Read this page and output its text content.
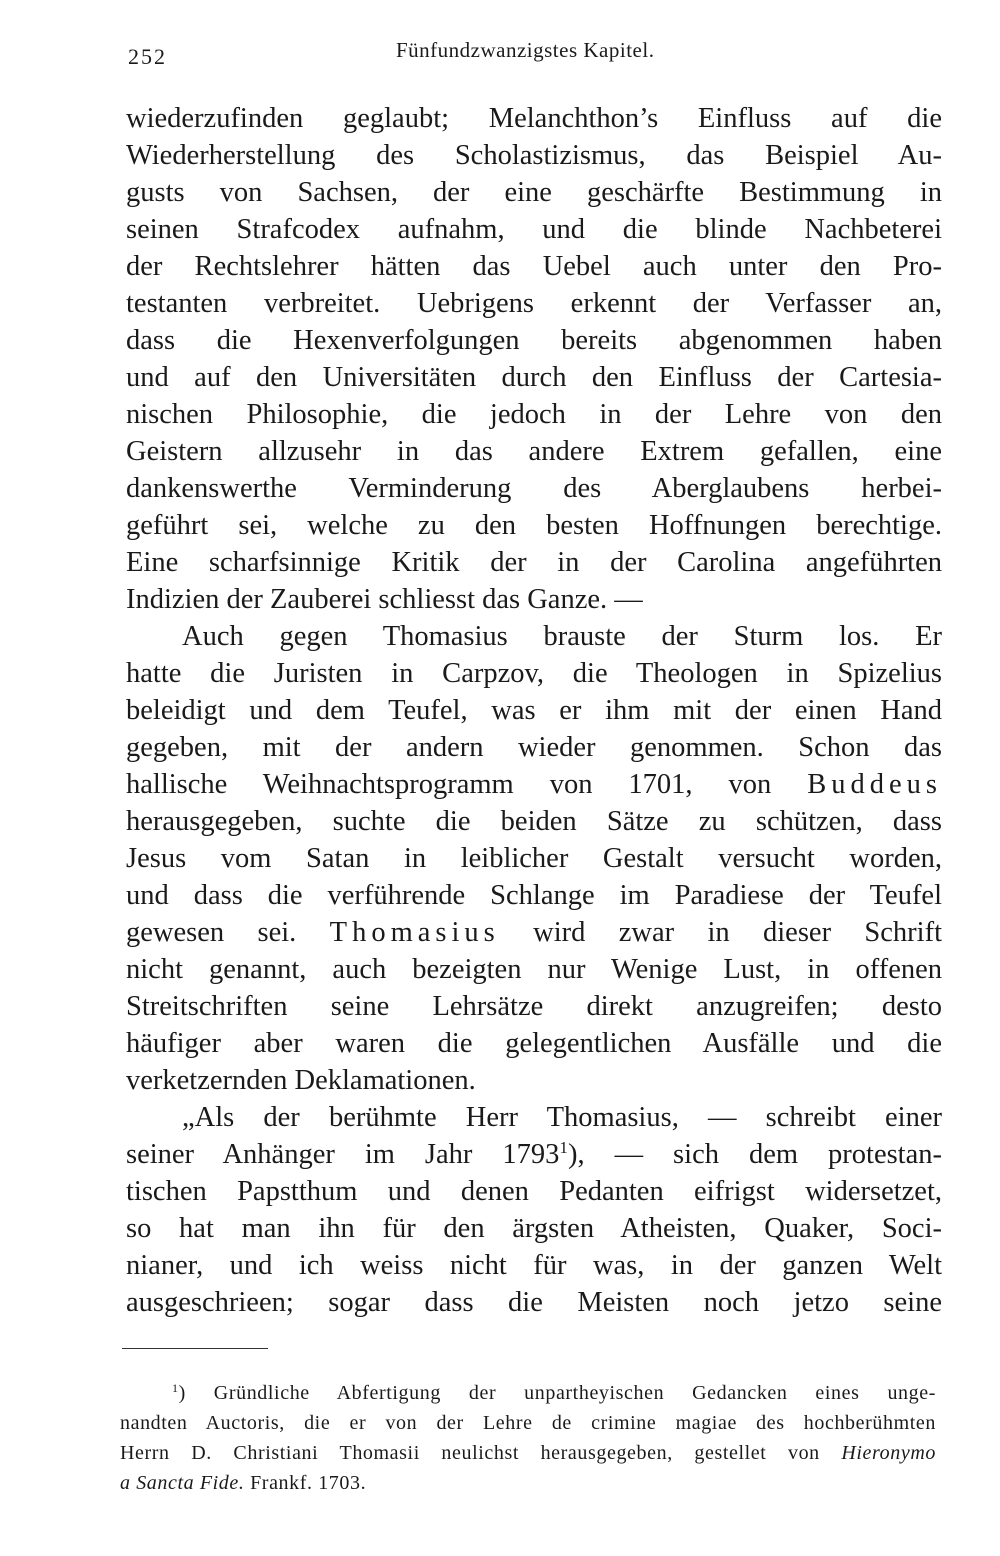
252	Fünfundzwanzigstes Kapitel.
wiederzufinden geglaubt; Melanchthon’s Einfluss auf die
Wiederherstellung des Scholastizismus, das Beispiel Au-
gusts von Sachsen, der eine geschärfte Bestimmung in
seinen Strafcodex aufnahm, und die blinde Nachbeterei
der Rechtslehrer hätten das Uebel auch unter den Pro-
testanten verbreitet. Uebrigens erkennt der Verfasser an,
dass die Hexenverfolgungen bereits abgenommen haben
und auf den Universitäten durch den Einfluss der Cartesia-
nischen Philosophie, die jedoch in der Lehre von den
Geistern allzusehr in das andere Extrem gefallen, eine
dankenswerthe Verminderung des Aberglaubens herbei-
geführt sei, welche zu den besten Hoffnungen berechtige.
Eine scharfsinnige Kritik der in der Carolina angeführten
Indizien der Zauberei schliesst das Ganze. —
Auch gegen Thomasius brauste der Sturm los. Er
hatte die Juristen in Carpzov, die Theologen in Spizelius
beleidigt und dem Teufel, was er ihm mit der einen Hand
gegeben, mit der andern wieder genommen. Schon das
hallische Weihnachtsprogramm von 1701, von Buddeus
herausgegeben, suchte die beiden Sätze zu schützen, dass
Jesus vom Satan in leiblicher Gestalt versucht worden,
und dass die verführende Schlange im Paradiese der Teufel
gewesen sei. Thomasius wird zwar in dieser Schrift
nicht genannt, auch bezeigten nur Wenige Lust, in offenen
Streitschriften seine Lehrsätze direkt anzugreifen; desto
häufiger aber waren die gelegentlichen Ausfälle und die
verketzernden Deklamationen.
„Als der berühmte Herr Thomasius, — schreibt einer
seiner Anhänger im Jahr 1793$^1$), — sich dem protestan-
tischen Papstthum und denen Pedanten eifrigst widersetzet,
so hat man ihn für den ärgsten Atheisten, Quaker, Soci-
nianer, und ich weiss nicht für was, in der ganzen Welt
ausgeschrieen; sogar dass die Meisten noch jetzo seine
$^1$) Gründliche Abfertigung der unpartheyischen Gedancken eines unge-
nandten Auctoris, die er von der Lehre de crimine magiae des hochberühmten
Herrn D. Christiani Thomasii neulichst herausgegeben, gestellet von Hieronymo
a Sancta Fide. Frankf. 1703.
